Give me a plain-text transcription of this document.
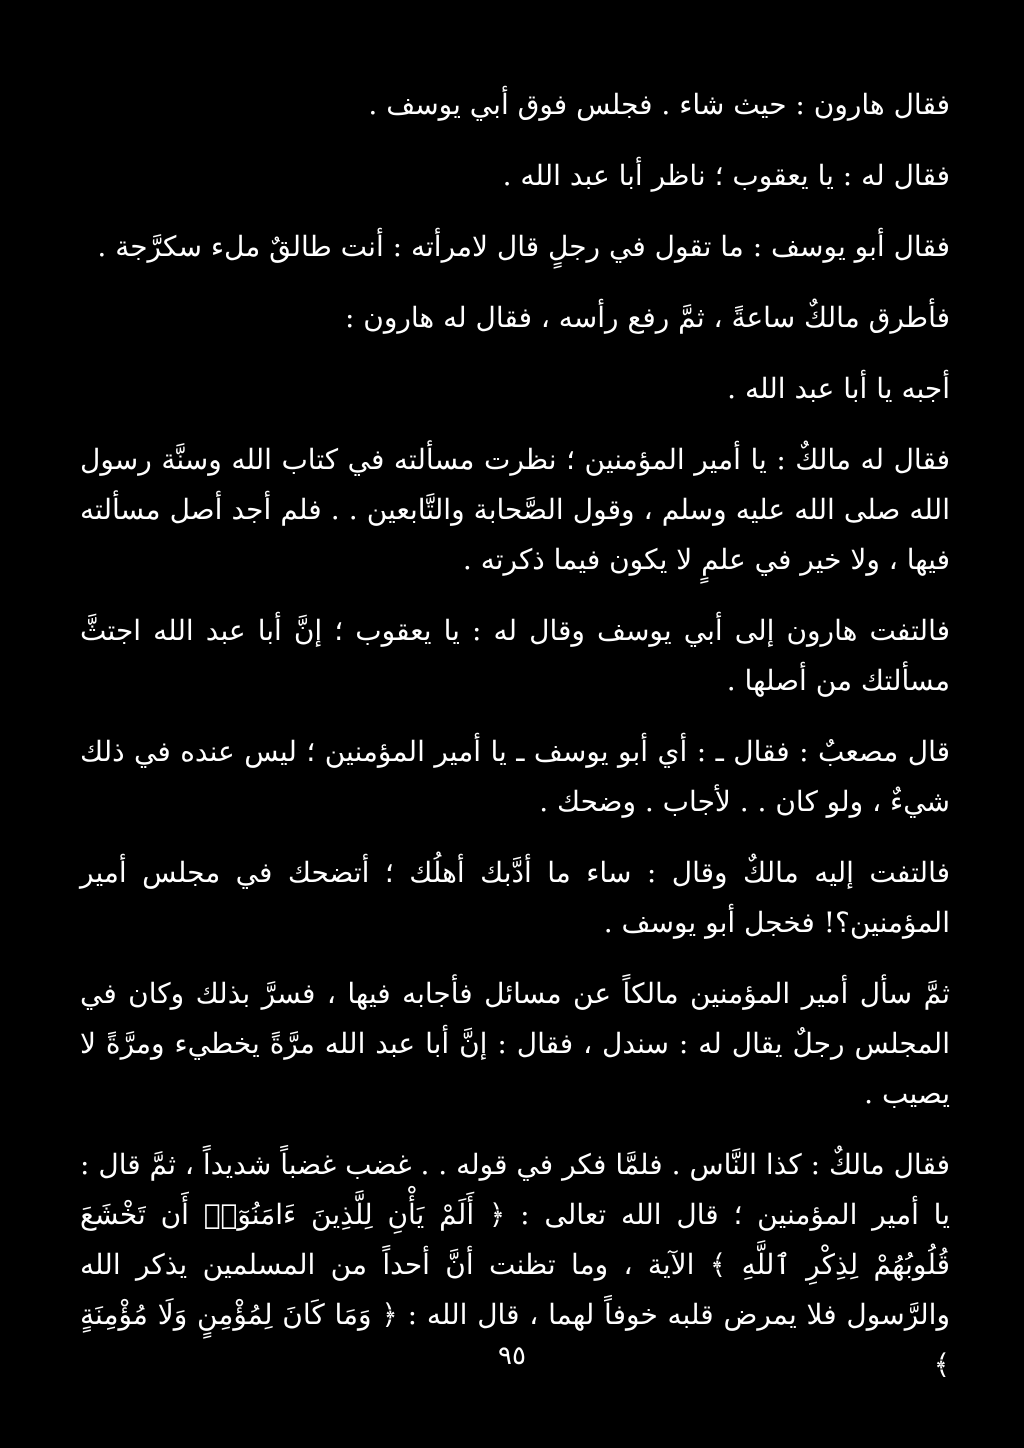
فقال هارون : حيث شاء . فجلس فوق أبي يوسف .

فقال له : يا يعقوب ؛ ناظر أبا عبد الله .

فقال أبو يوسف : ما تقول في رجلٍ قال لامرأته : أنت طالقٌ ملء سكرَّجة .

فأطرق مالكٌ ساعةً ، ثمَّ رفع رأسه ، فقال له هارون :

أجبه يا أبا عبد الله .

فقال له مالكٌ : يا أمير المؤمنين ؛ نظرت مسألته في كتاب الله وسنَّة رسول الله صلى الله عليه وسلم ، وقول الصَّحابة والتَّابعين . . فلم أجد أصل مسألته فيها ، ولا خير في علمٍ لا يكون فيما ذكرته .

فالتفت هارون إلى أبي يوسف وقال له : يا يعقوب ؛ إنَّ أبا عبد الله اجتثَّ مسألتك من أصلها .

قال مصعبٌ : فقال ـ : أي أبو يوسف ـ يا أمير المؤمنين ؛ ليس عنده في ذلك شيءٌ ، ولو كان . . لأجاب . وضحك .

فالتفت إليه مالكٌ وقال : ساء ما أدَّبك أهلُك ؛ أتضحك في مجلس أمير المؤمنين؟! فخجل أبو يوسف .

ثمَّ سأل أمير المؤمنين مالكاً عن مسائل فأجابه فيها ، فسرَّ بذلك وكان في المجلس رجلٌ يقال له : سندل ، فقال : إنَّ أبا عبد الله مرَّةً يخطيء ومرَّةً لا يصيب .

فقال مالكٌ : كذا النَّاس . فلمَّا فكر في قوله . . غضب غضباً شديداً ، ثمَّ قال : يا أمير المؤمنين ؛ قال الله تعالى : ﴿ أَلَمْ يَأْنِ لِلَّذِينَ ءَامَنُوٓا۟ أَن تَخْشَعَ قُلُوبُهُمْ لِذِكْرِ ٱللَّهِ ﴾ الآية ، وما تظنت أنَّ أحداً من المسلمين يذكر الله والرَّسول فلا يمرض قلبه خوفاً لهما ، قال الله : ﴿ وَمَا كَانَ لِمُؤْمِنٍ وَلَا مُؤْمِنَةٍ ﴾

٩٥
